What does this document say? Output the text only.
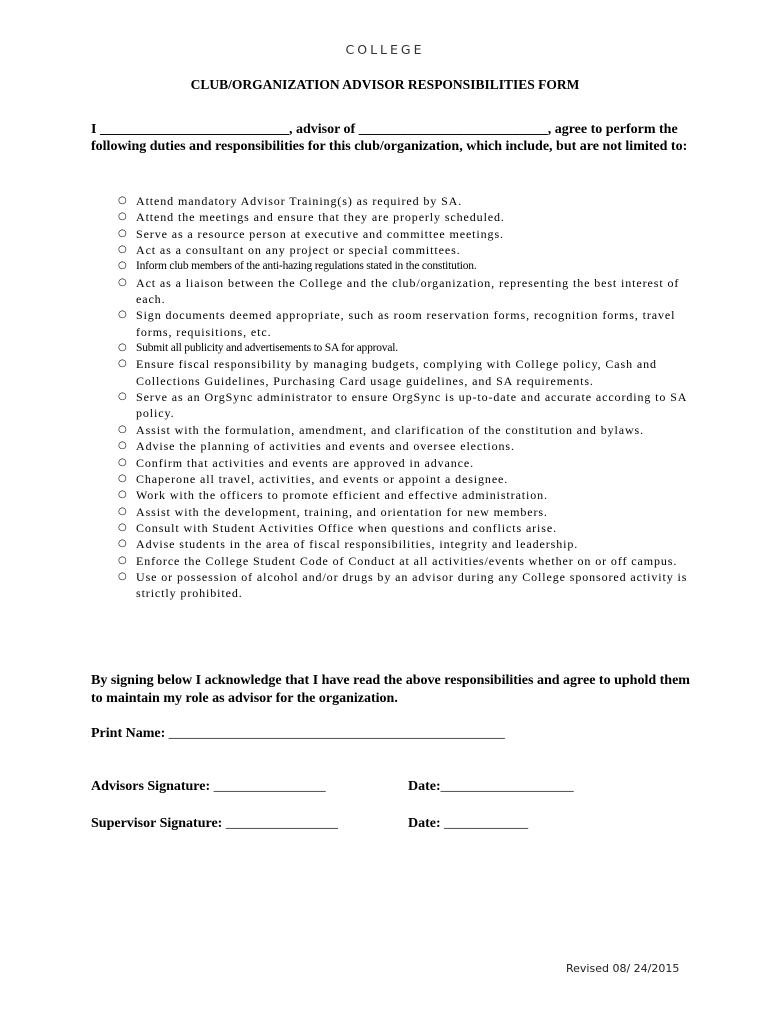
COLLEGE
CLUB/ORGANIZATION ADVISOR RESPONSIBILITIES FORM
I ___________________________, advisor of ___________________________, agree to perform the following duties and responsibilities for this club/organization, which include, but are not limited to:
○ Attend mandatory Advisor Training(s) as required by SA.
○ Attend the meetings and ensure that they are properly scheduled.
○ Serve as a resource person at executive and committee meetings.
○ Act as a consultant on any project or special committees.
○ Inform club members of the anti-hazing regulations stated in the constitution.
○ Act as a liaison between the College and the club/organization, representing the best interest of each.
○ Sign documents deemed appropriate, such as room reservation forms, recognition forms, travel forms, requisitions, etc.
○ Submit all publicity and advertisements to SA for approval.
○ Ensure fiscal responsibility by managing budgets, complying with College policy, Cash and Collections Guidelines, Purchasing Card usage guidelines, and SA requirements.
○ Serve as an OrgSync administrator to ensure OrgSync is up-to-date and accurate according to SA policy.
○ Assist with the formulation, amendment, and clarification of the constitution and bylaws.
○ Advise the planning of activities and events and oversee elections.
○ Confirm that activities and events are approved in advance.
○ Chaperone all travel, activities, and events or appoint a designee.
○ Work with the officers to promote efficient and effective administration.
○ Assist with the development, training, and orientation for new members.
○ Consult with Student Activities Office when questions and conflicts arise.
○ Advise students in the area of fiscal responsibilities, integrity and leadership.
○ Enforce the College Student Code of Conduct at all activities/events whether on or off campus.
○ Use or possession of alcohol and/or drugs by an advisor during any College sponsored activity is strictly prohibited.
By signing below I acknowledge that I have read the above responsibilities and agree to uphold them to maintain my role as advisor for the organization.
Print Name: ________________________________________________
Advisors Signature: ________________	Date:___________________
Supervisor Signature: ________________	Date: ____________
Revised 08/ 24/2015
